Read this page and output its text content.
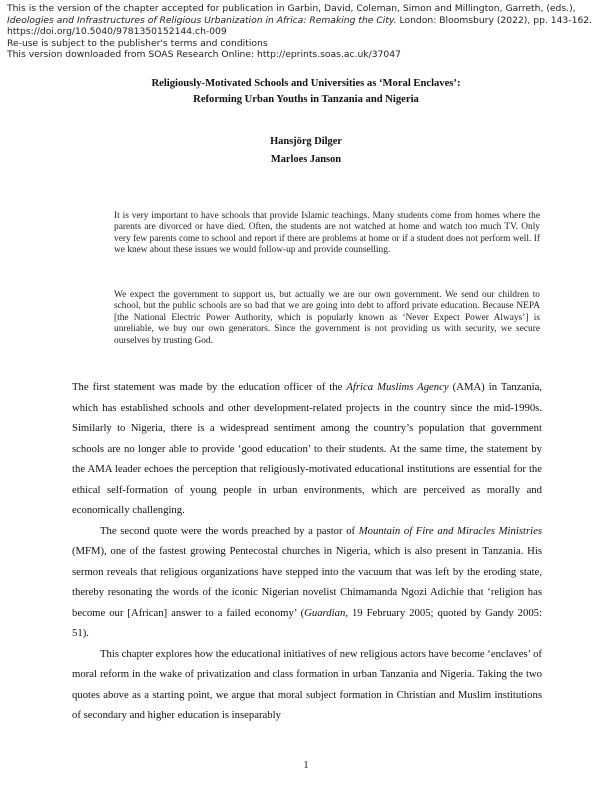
This is the version of the chapter accepted for publication in Garbin, David, Coleman, Simon and Millington, Garreth, (eds.),
Ideologies and Infrastructures of Religious Urbanization in Africa: Remaking the City. London: Bloomsbury (2022), pp. 143-162.
https://doi.org/10.5040/9781350152144.ch-009
Re-use is subject to the publisher's terms and conditions
This version downloaded from SOAS Research Online: http://eprints.soas.ac.uk/37047
Religiously-Motivated Schools and Universities as ‘Moral Enclaves’:
Reforming Urban Youths in Tanzania and Nigeria
Hansjörg Dilger
Marloes Janson
It is very important to have schools that provide Islamic teachings. Many students come from homes where the parents are divorced or have died. Often, the students are not watched at home and watch too much TV. Only very few parents come to school and report if there are problems at home or if a student does not perform well. If we knew about these issues we would follow-up and provide counselling.
We expect the government to support us, but actually we are our own government. We send our children to school, but the public schools are so bad that we are going into debt to afford private education. Because NEPA [the National Electric Power Authority, which is popularly known as ‘Never Expect Power Always’] is unreliable, we buy our own generators. Since the government is not providing us with security, we secure ourselves by trusting God.

The first statement was made by the education officer of the Africa Muslims Agency (AMA) in Tanzania, which has established schools and other development-related projects in the country since the mid-1990s. Similarly to Nigeria, there is a widespread sentiment among the country’s population that government schools are no longer able to provide ‘good education’ to their students. At the same time, the statement by the AMA leader echoes the perception that religiously-motivated educational institutions are essential for the ethical self-formation of young people in urban environments, which are perceived as morally and economically challenging.

The second quote were the words preached by a pastor of Mountain of Fire and Miracles Ministries (MFM), one of the fastest growing Pentecostal churches in Nigeria, which is also present in Tanzania. His sermon reveals that religious organizations have stepped into the vacuum that was left by the eroding state, thereby resonating the words of the iconic Nigerian novelist Chimamanda Ngozi Adichie that ‘religion has become our [African] answer to a failed economy’ (Guardian, 19 February 2005; quoted by Gandy 2005: 51).

This chapter explores how the educational initiatives of new religious actors have become ‘enclaves’ of moral reform in the wake of privatization and class formation in urban Tanzania and Nigeria. Taking the two quotes above as a starting point, we argue that moral subject formation in Christian and Muslim institutions of secondary and higher education is inseparably

1
